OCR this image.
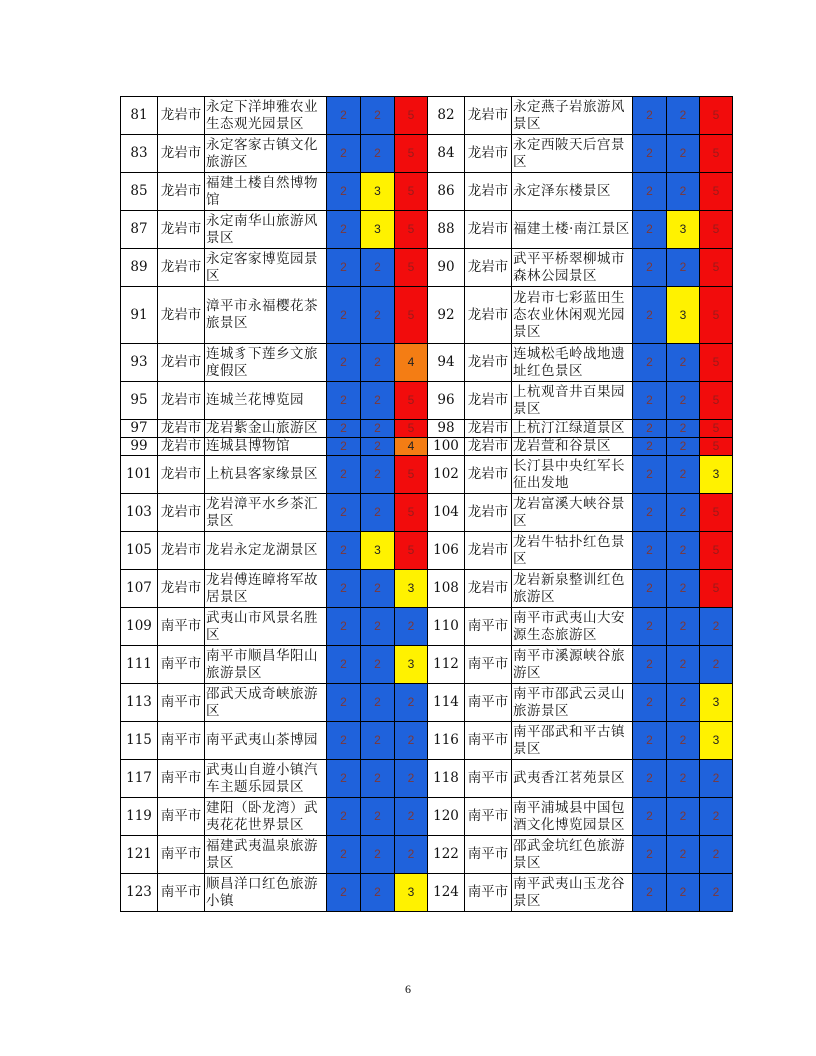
81	龙岩市	永定下洋坤雅农业生态观光园景区	2	2	5	82	龙岩市	永定燕子岩旅游风景区	2	2	5
83	龙岩市	永定客家古镇文化旅游区	2	2	5	84	龙岩市	永定西陂天后宫景区	2	2	5
85	龙岩市	福建土楼自然博物馆	2	3	5	86	龙岩市	永定泽东楼景区	2	2	5
87	龙岩市	永定南华山旅游风景区	2	3	5	88	龙岩市	福建土楼·南江景区	2	3	5
89	龙岩市	永定客家博览园景区	2	2	5	90	龙岩市	武平平桥翠柳城市森林公园景区	2	2	5
91	龙岩市	漳平市永福樱花茶旅景区	2	2	5	92	龙岩市	龙岩市七彩蓝田生态农业休闲观光园景区	2	3	5
93	龙岩市	连城豸下莲乡文旅度假区	2	2	4	94	龙岩市	连城松毛岭战地遗址红色景区	2	2	5
95	龙岩市	连城兰花博览园	2	2	5	96	龙岩市	上杭观音井百果园景区	2	2	5
97	龙岩市	龙岩紫金山旅游区	2	2	5	98	龙岩市	上杭汀江绿道景区	2	2	5
99	龙岩市	连城县博物馆	2	2	4	100	龙岩市	龙岩萱和谷景区	2	2	5
101	龙岩市	上杭县客家缘景区	2	2	5	102	龙岩市	长汀县中央红军长征出发地	2	2	3
103	龙岩市	龙岩漳平水乡茶汇景区	2	2	5	104	龙岩市	龙岩富溪大峡谷景区	2	2	5
105	龙岩市	龙岩永定龙湖景区	2	3	5	106	龙岩市	龙岩牛牯扑红色景区	2	2	5
107	龙岩市	龙岩傅连暲将军故居景区	2	2	3	108	龙岩市	龙岩新泉整训红色旅游区	2	2	5
109	南平市	武夷山市风景名胜区	2	2	2	110	南平市	南平市武夷山大安源生态旅游区	2	2	2
111	南平市	南平市顺昌华阳山旅游景区	2	2	3	112	南平市	南平市溪源峡谷旅游区	2	2	2
113	南平市	邵武天成奇峡旅游区	2	2	2	114	南平市	南平市邵武云灵山旅游景区	2	2	3
115	南平市	南平武夷山茶博园	2	2	2	116	南平市	南平邵武和平古镇景区	2	2	3
117	南平市	武夷山自遊小镇汽车主题乐园景区	2	2	2	118	南平市	武夷香江茗苑景区	2	2	2
119	南平市	建阳（卧龙湾）武夷花花世界景区	2	2	2	120	南平市	南平浦城县中国包酒文化博览园景区	2	2	2
121	南平市	福建武夷温泉旅游景区	2	2	2	122	南平市	邵武金坑红色旅游景区	2	2	2
123	南平市	顺昌洋口红色旅游小镇	2	2	3	124	南平市	南平武夷山玉龙谷景区	2	2	2
6
